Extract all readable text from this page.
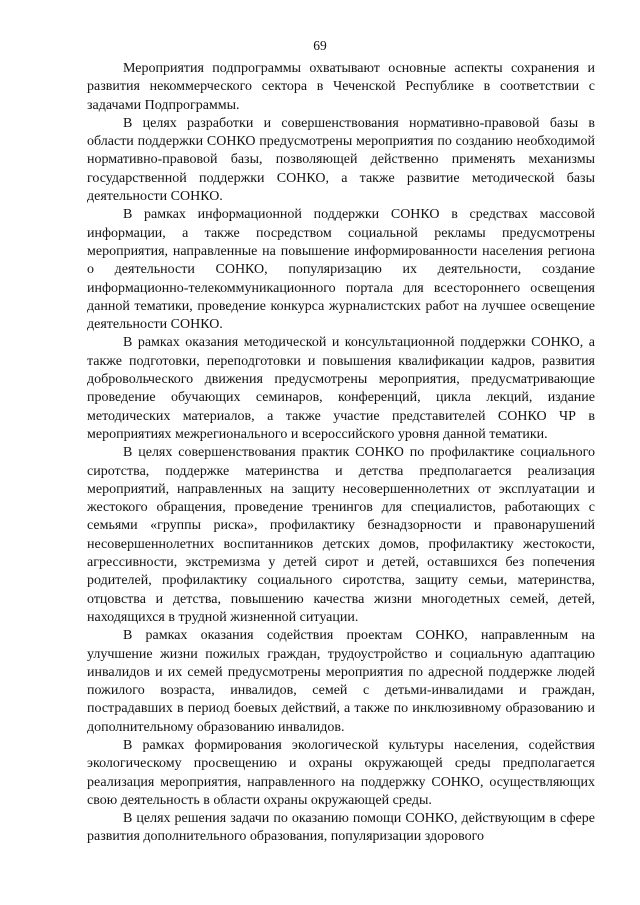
69

Мероприятия подпрограммы охватывают основные аспекты сохранения и развития некоммерческого сектора в Чеченской Республике в соответствии с задачами Подпрограммы.

В целях разработки и совершенствования нормативно-правовой базы в области поддержки СОНКО предусмотрены мероприятия по созданию необходимой нормативно-правовой базы, позволяющей действенно применять механизмы государственной поддержки СОНКО, а также развитие методической базы деятельности СОНКО.

В рамках информационной поддержки СОНКО в средствах массовой информации, а также посредством социальной рекламы предусмотрены мероприятия, направленные на повышение информированности населения региона о деятельности СОНКО, популяризацию их деятельности, создание информационно-телекоммуникационного портала для всестороннего освещения данной тематики, проведение конкурса журналистских работ на лучшее освещение деятельности СОНКО.

В рамках оказания методической и консультационной поддержки СОНКО, а также подготовки, переподготовки и повышения квалификации кадров, развития добровольческого движения предусмотрены мероприятия, предусматривающие проведение обучающих семинаров, конференций, цикла лекций, издание методических материалов, а также участие представителей СОНКО ЧР в мероприятиях межрегионального и всероссийского уровня данной тематики.

В целях совершенствования практик СОНКО по профилактике социального сиротства, поддержке материнства и детства предполагается реализация мероприятий, направленных на защиту несовершеннолетних от эксплуатации и жестокого обращения, проведение тренингов для специалистов, работающих с семьями «группы риска», профилактику безнадзорности и правонарушений несовершеннолетних воспитанников детских домов, профилактику жестокости, агрессивности, экстремизма у детей сирот и детей, оставшихся без попечения родителей, профилактику социального сиротства, защиту семьи, материнства, отцовства и детства, повышению качества жизни многодетных семей, детей, находящихся в трудной жизненной ситуации.

В рамках оказания содействия проектам СОНКО, направленным на улучшение жизни пожилых граждан, трудоустройство и социальную адаптацию инвалидов и их семей предусмотрены мероприятия по адресной поддержке людей пожилого возраста, инвалидов, семей с детьми-инвалидами и граждан, пострадавших в период боевых действий, а также по инклюзивному образованию и дополнительному образованию инвалидов.

В рамках формирования экологической культуры населения, содействия экологическому просвещению и охраны окружающей среды предполагается реализация мероприятия, направленного на поддержку СОНКО, осуществляющих свою деятельность в области охраны окружающей среды.

В целях решения задачи по оказанию помощи СОНКО, действующим в сфере развития дополнительного образования, популяризации здорового
